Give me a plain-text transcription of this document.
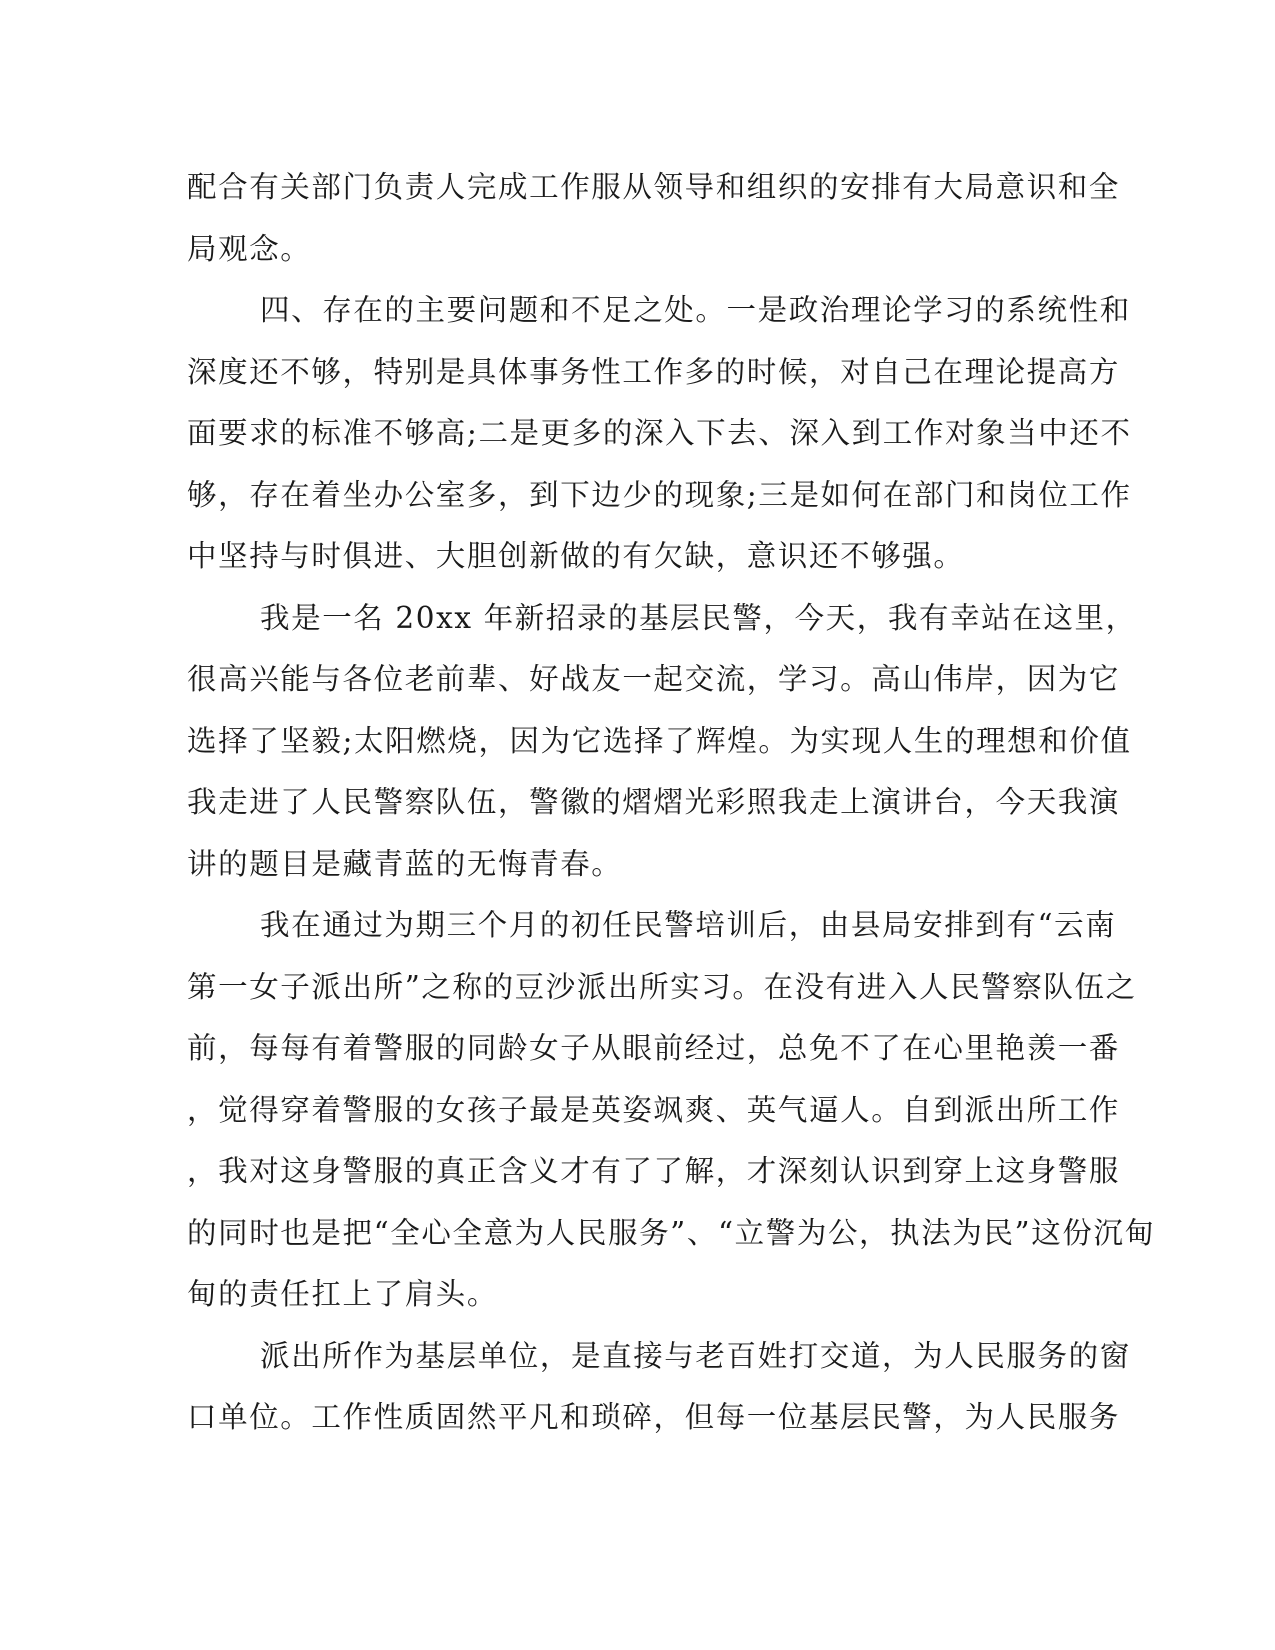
配合有关部门负责人完成工作服从领导和组织的安排有大局意识和全
局观念。
四、存在的主要问题和不足之处。一是政治理论学习的系统性和
深度还不够，特别是具体事务性工作多的时候，对自己在理论提高方
面要求的标准不够高;二是更多的深入下去、深入到工作对象当中还不
够，存在着坐办公室多，到下边少的现象;三是如何在部门和岗位工作
中坚持与时俱进、大胆创新做的有欠缺，意识还不够强。
我是一名 20xx 年新招录的基层民警，今天，我有幸站在这里，
很高兴能与各位老前辈、好战友一起交流，学习。高山伟岸，因为它
选择了坚毅;太阳燃烧，因为它选择了辉煌。为实现人生的理想和价值
我走进了人民警察队伍，警徽的熠熠光彩照我走上演讲台，今天我演
讲的题目是藏青蓝的无悔青春。
我在通过为期三个月的初任民警培训后，由县局安排到有“云南
第一女子派出所”之称的豆沙派出所实习。在没有进入人民警察队伍之
前，每每有着警服的同龄女子从眼前经过，总免不了在心里艳羡一番
，觉得穿着警服的女孩子最是英姿飒爽、英气逼人。自到派出所工作
，我对这身警服的真正含义才有了了解，才深刻认识到穿上这身警服
的同时也是把“全心全意为人民服务”、“立警为公，执法为民”这份沉甸
甸的责任扛上了肩头。
派出所作为基层单位，是直接与老百姓打交道，为人民服务的窗
口单位。工作性质固然平凡和琐碎，但每一位基层民警，为人民服务
